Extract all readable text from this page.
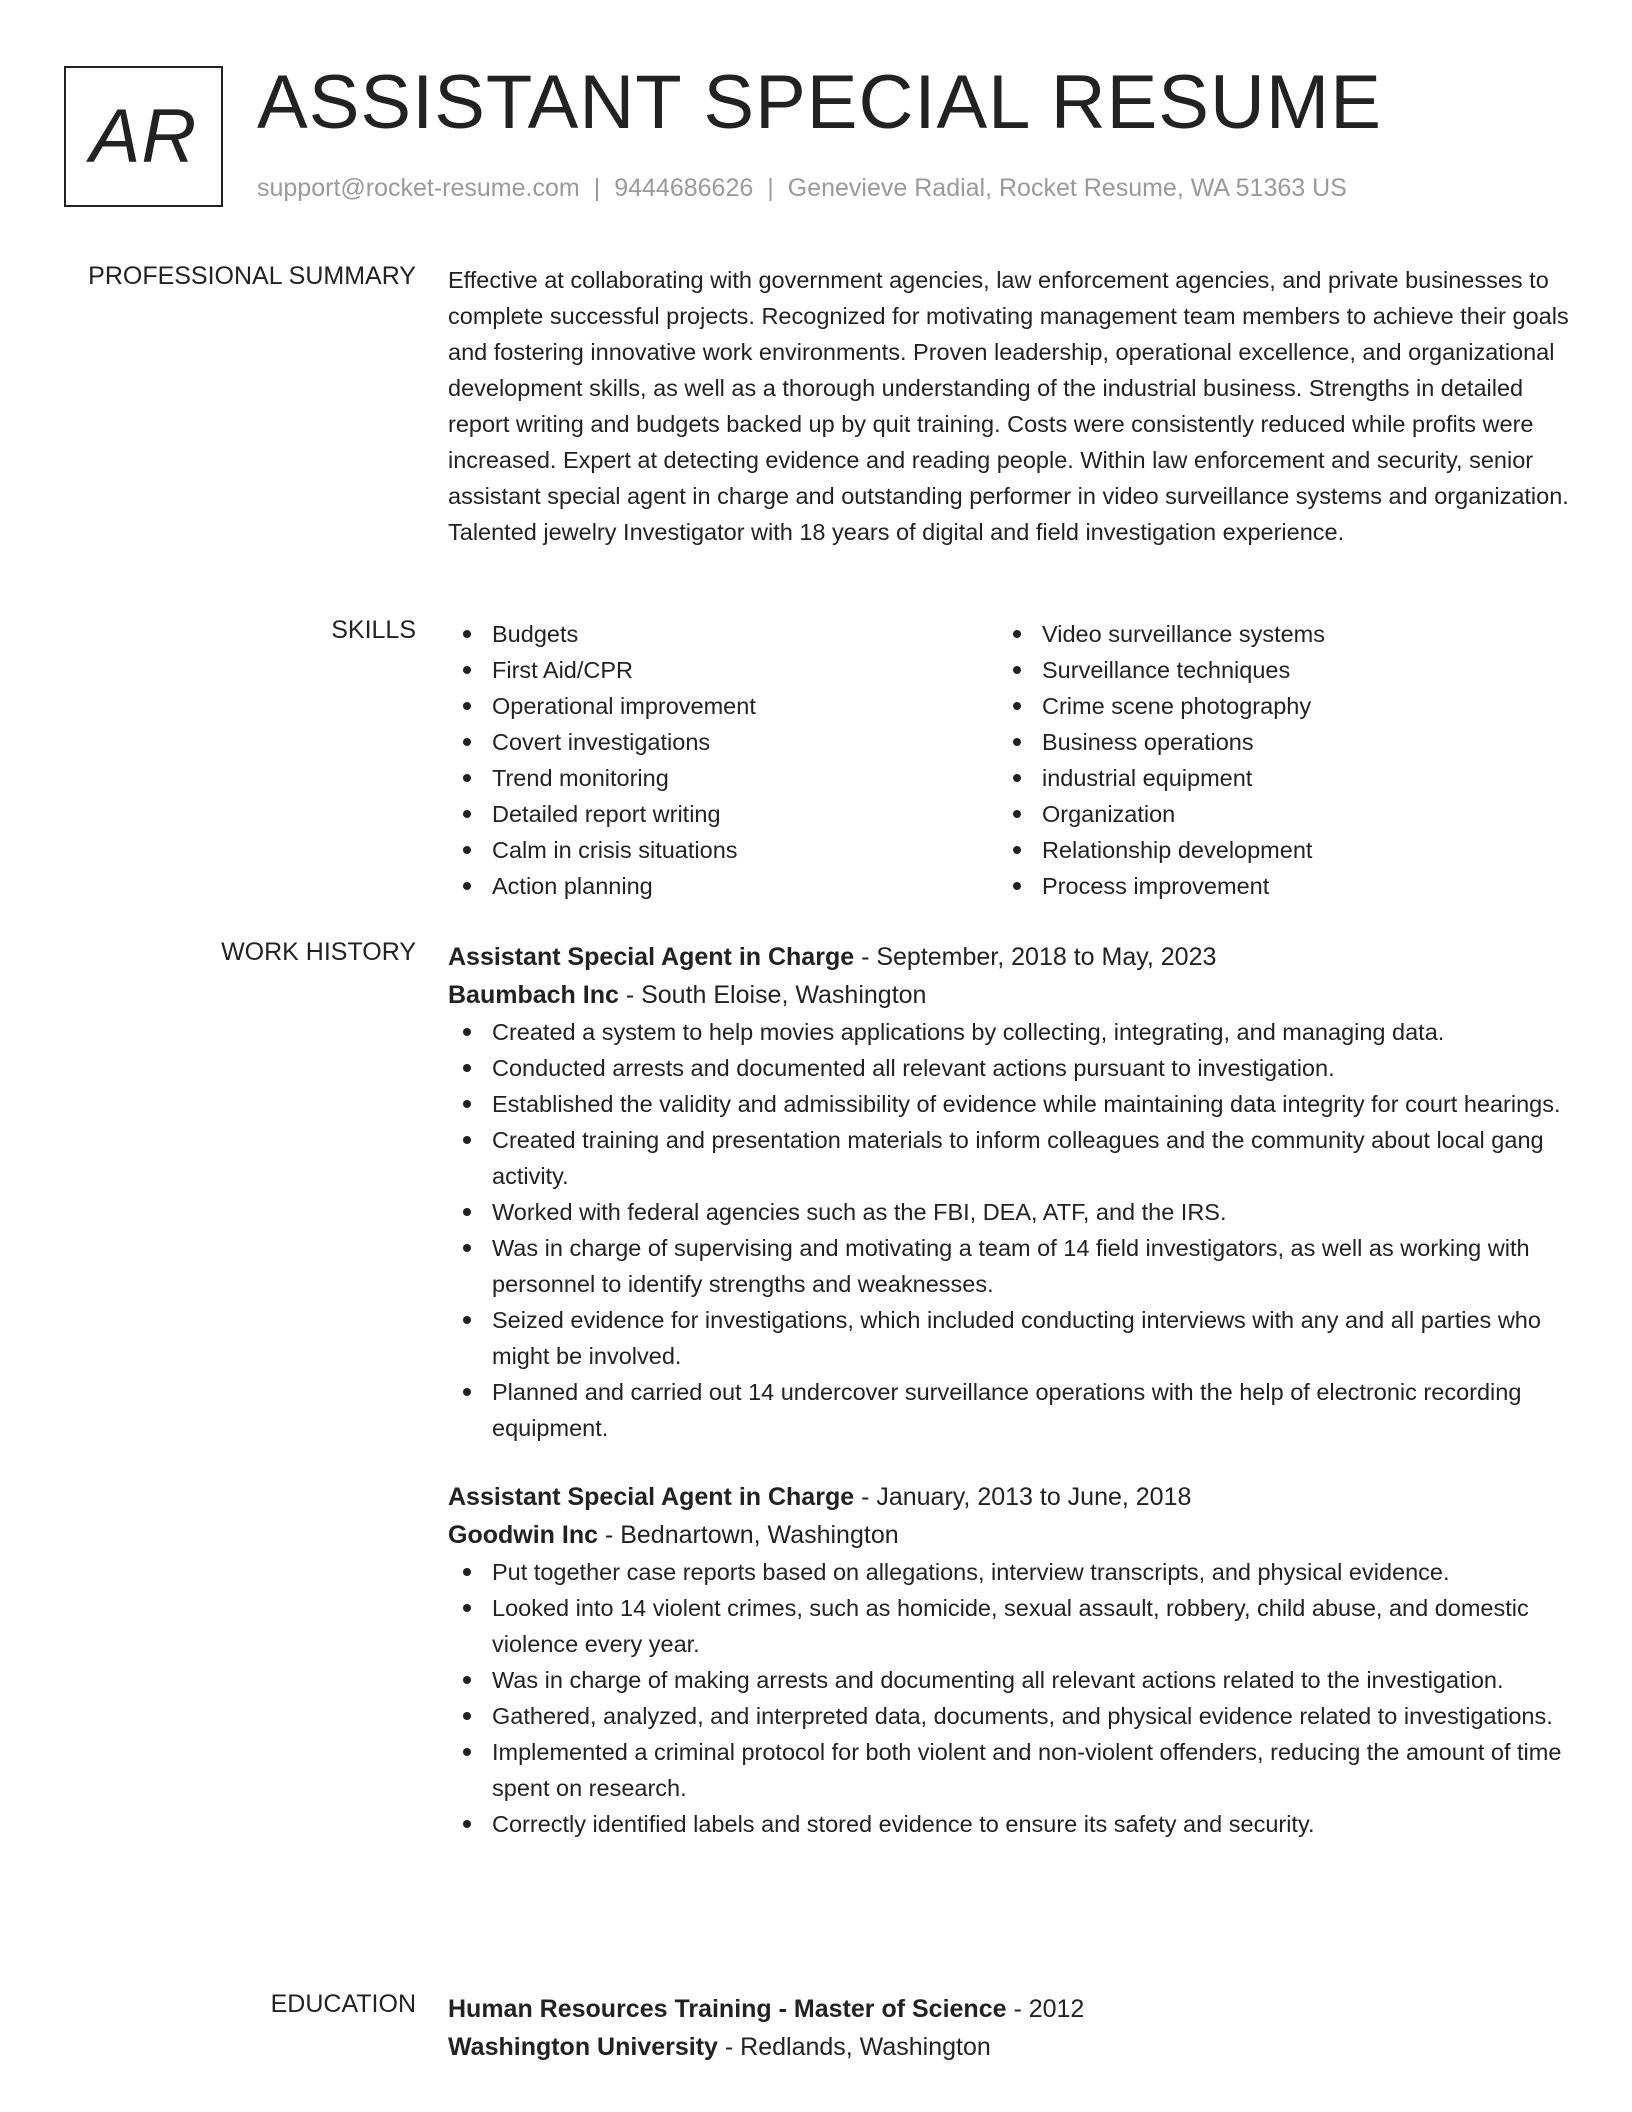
AR ASSISTANT SPECIAL RESUME
support@rocket-resume.com | 9444686626 | Genevieve Radial, Rocket Resume, WA 51363 US
PROFESSIONAL SUMMARY Effective at collaborating with government agencies, law enforcement agencies, and private businesses to complete successful projects. Recognized for motivating management team members to achieve their goals and fostering innovative work environments. Proven leadership, operational excellence, and organizational development skills, as well as a thorough understanding of the industrial business. Strengths in detailed report writing and budgets backed up by quit training. Costs were consistently reduced while profits were increased. Expert at detecting evidence and reading people. Within law enforcement and security, senior assistant special agent in charge and outstanding performer in video surveillance systems and organization. Talented jewelry Investigator with 18 years of digital and field investigation experience.

SKILLS	Budgets
First Aid/CPR
Operational improvement
Covert investigations
Trend monitoring
Detailed report writing
Calm in crisis situations
Action planning
Video surveillance systems
Surveillance techniques
Crime scene photography
Business operations
industrial equipment
Organization
Relationship development
Process improvement
WORK HISTORY Assistant Special Agent in Charge - September, 2018 to May, 2023
Baumbach Inc - South Eloise, Washington
Created a system to help movies applications by collecting, integrating, and managing data.
Conducted arrests and documented all relevant actions pursuant to investigation.
Established the validity and admissibility of evidence while maintaining data integrity for court hearings.
Created training and presentation materials to inform colleagues and the community about local gang activity.
Worked with federal agencies such as the FBI, DEA, ATF, and the IRS.
Was in charge of supervising and motivating a team of 14 field investigators, as well as working with personnel to identify strengths and weaknesses.
Seized evidence for investigations, which included conducting interviews with any and all parties who might be involved.
Planned and carried out 14 undercover surveillance operations with the help of electronic recording equipment.
Assistant Special Agent in Charge - January, 2013 to June, 2018
Goodwin Inc - Bednartown, Washington
Put together case reports based on allegations, interview transcripts, and physical evidence.
Looked into 14 violent crimes, such as homicide, sexual assault, robbery, child abuse, and domestic violence every year.
Was in charge of making arrests and documenting all relevant actions related to the investigation.
Gathered, analyzed, and interpreted data, documents, and physical evidence related to investigations.
Implemented a criminal protocol for both violent and non-violent offenders, reducing the amount of time spent on research.
Correctly identified labels and stored evidence to ensure its safety and security.
EDUCATION Human Resources Training - Master of Science - 2012
Washington University - Redlands, Washington
